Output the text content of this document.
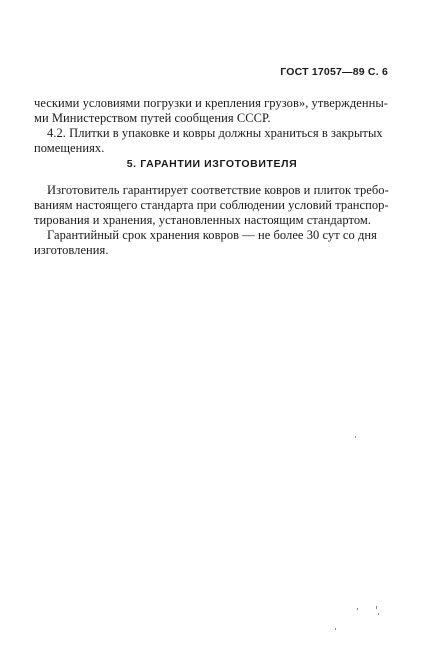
ГОСТ 17057—89 С. 6
ческими условиями погрузки и крепления грузов», утвержденны-
ми Министерством путей сообщения СССР.
4.2. Плитки в упаковке и ковры должны храниться в закрытых
помещениях.
5. ГАРАНТИИ ИЗГОТОВИТЕЛЯ
Изготовитель гарантирует соответствие ковров и плиток требо-
ваниям настоящего стандарта при соблюдении условий транспор-
тирования и хранения, установленных настоящим стандартом.
Гарантийный срок хранения ковров — не более 30 сут со дня
изготовления.
